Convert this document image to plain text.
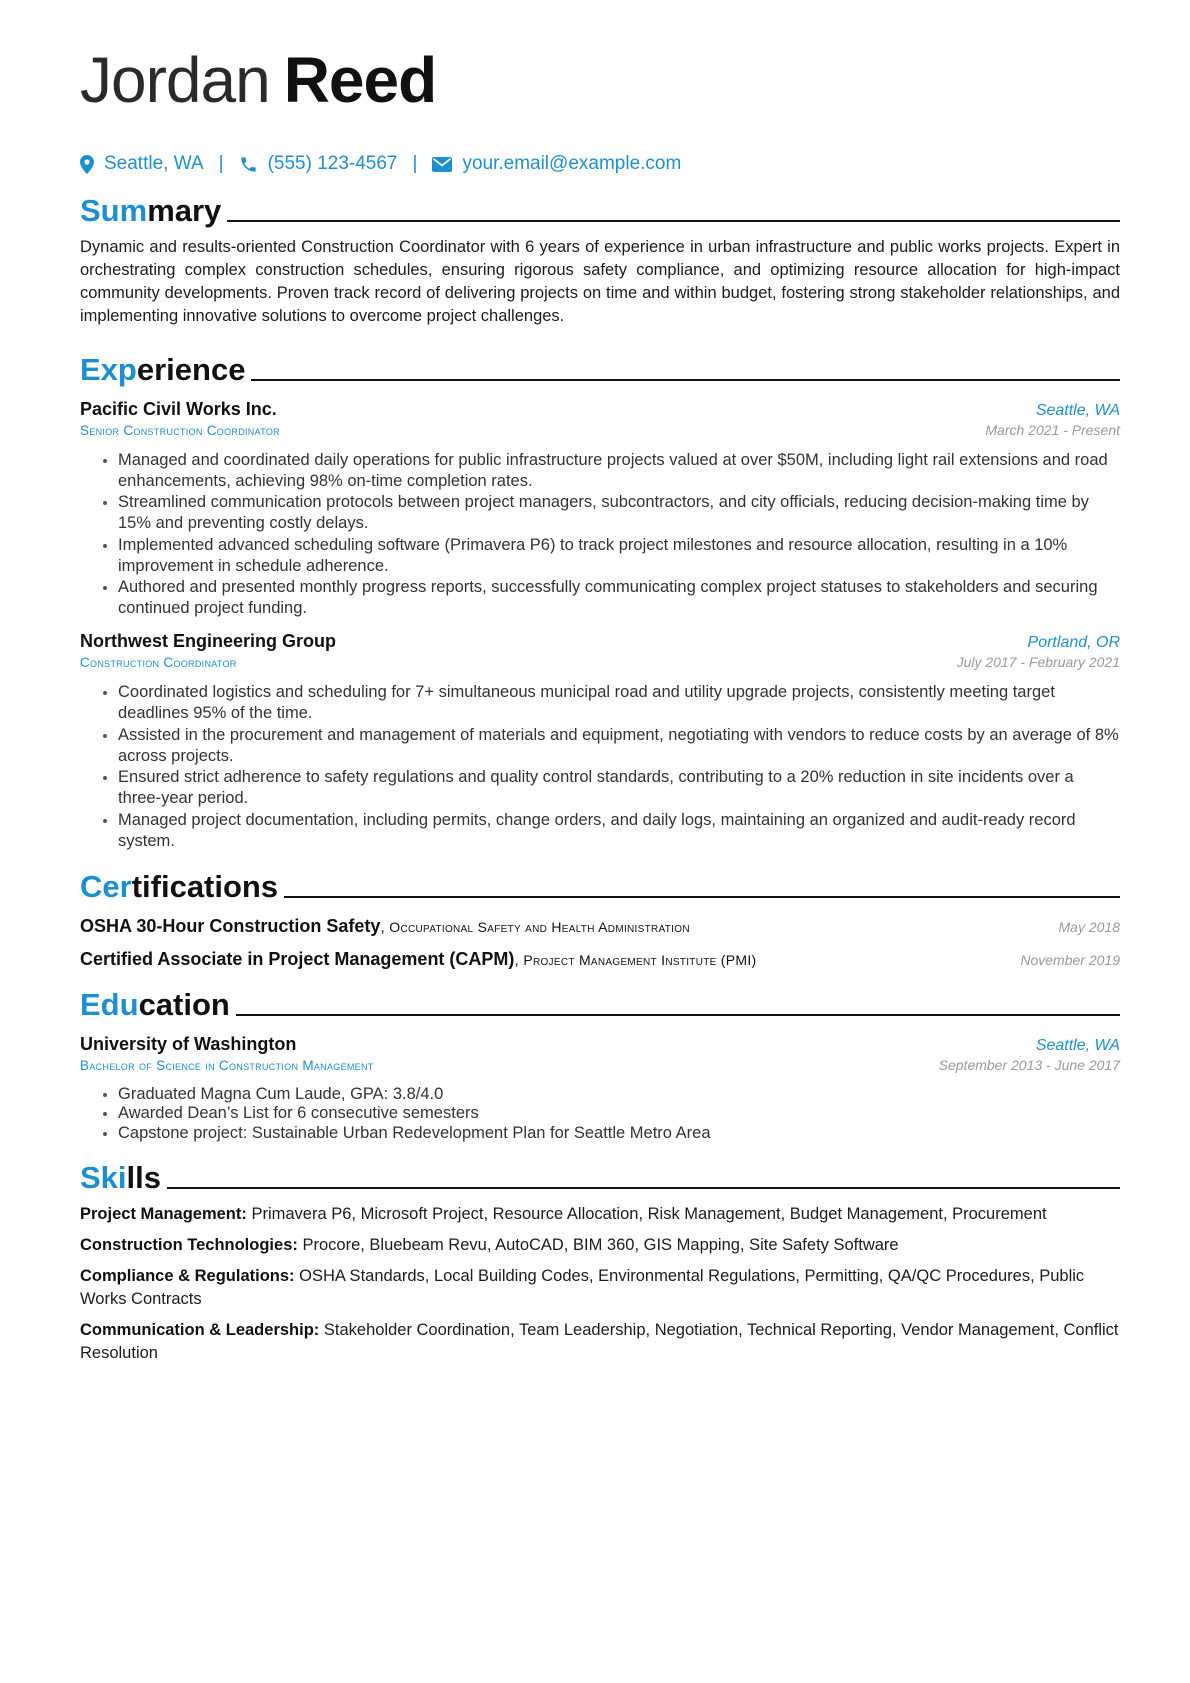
Jordan Reed
Seattle, WA | (555) 123-4567 | your.email@example.com
Summary

Dynamic and results-oriented Construction Coordinator with 6 years of experience in urban infrastructure and public works projects. Expert in orchestrating complex construction schedules, ensuring rigorous safety compliance, and optimizing resource allocation for high-impact community developments. Proven track record of delivering projects on time and within budget, fostering strong stakeholder relationships, and implementing innovative solutions to overcome project challenges.

Experience
Pacific Civil Works Inc.	Seattle, WA
Senior Construction Coordinator	March 2021 - Present
• Managed and coordinated daily operations for public infrastructure projects valued at over $50M, including light rail extensions and road enhancements, achieving 98% on-time completion rates.
• Streamlined communication protocols between project managers, subcontractors, and city officials, reducing decision-making time by 15% and preventing costly delays.
• Implemented advanced scheduling software (Primavera P6) to track project milestones and resource allocation, resulting in a 10% improvement in schedule adherence.
• Authored and presented monthly progress reports, successfully communicating complex project statuses to stakeholders and securing continued project funding.
Northwest Engineering Group	Portland, OR
Construction Coordinator	July 2017 - February 2021
• Coordinated logistics and scheduling for 7+ simultaneous municipal road and utility upgrade projects, consistently meeting target deadlines 95% of the time.
• Assisted in the procurement and management of materials and equipment, negotiating with vendors to reduce costs by an average of 8% across projects.
• Ensured strict adherence to safety regulations and quality control standards, contributing to a 20% reduction in site incidents over a three-year period.
• Managed project documentation, including permits, change orders, and daily logs, maintaining an organized and audit-ready record system.
Certifications
OSHA 30-Hour Construction Safety, Occupational Safety and Health Administration	May 2018
Certified Associate in Project Management (CAPM), Project Management Institute (PMI)	November 2019
Education
University of Washington	Seattle, WA
Bachelor of Science in Construction Management	September 2013 - June 2017
• Graduated Magna Cum Laude, GPA: 3.8/4.0
• Awarded Dean’s List for 6 consecutive semesters
• Capstone project: Sustainable Urban Redevelopment Plan for Seattle Metro Area
Skills
Project Management: Primavera P6, Microsoft Project, Resource Allocation, Risk Management, Budget Management, Procurement
Construction Technologies: Procore, Bluebeam Revu, AutoCAD, BIM 360, GIS Mapping, Site Safety Software
Compliance & Regulations: OSHA Standards, Local Building Codes, Environmental Regulations, Permitting, QA/QC Procedures, Public Works Contracts
Communication & Leadership: Stakeholder Coordination, Team Leadership, Negotiation, Technical Reporting, Vendor Management, Conflict Resolution
